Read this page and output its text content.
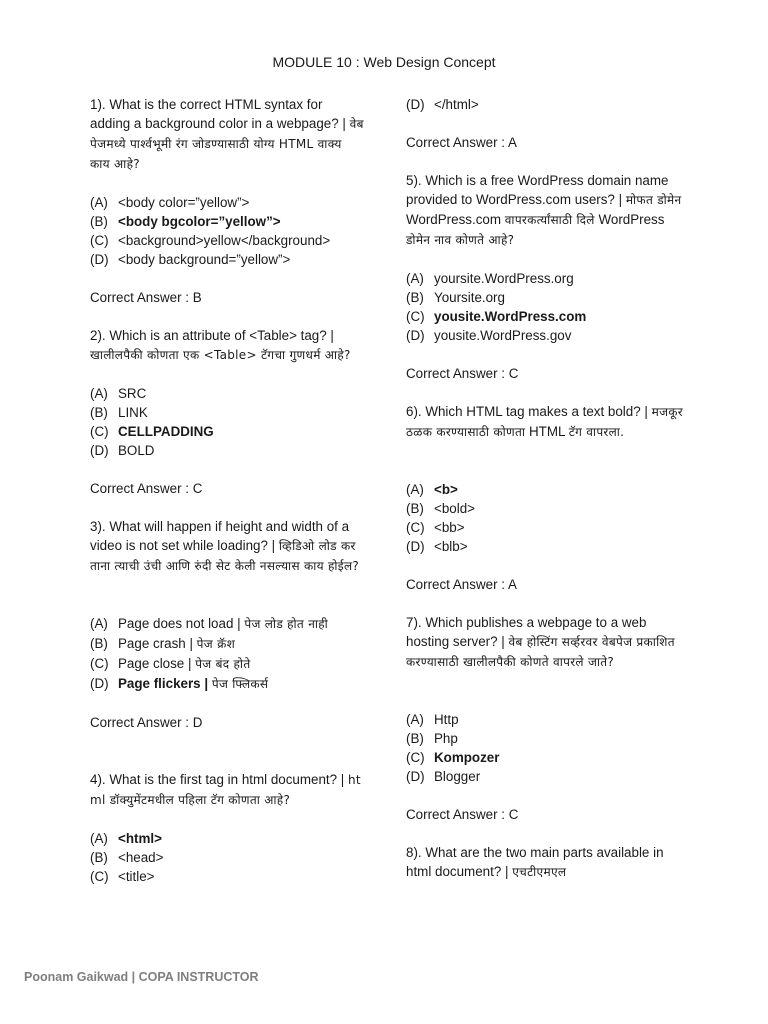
MODULE 10 : Web Design Concept

1). What is the correct HTML syntax for adding a background color in a webpage? | वेबपेजमध्ये पार्श्वभूमी रंग जोडण्यासाठी योग्य HTML वाक्य काय आहे?

(A) <body color=”yellow”>
(B) <body bgcolor=”yellow”>
(C) <background>yellow</background>
(D) <body background=”yellow”>

Correct Answer : B

2). Which is an attribute of <Table> tag? | खालीलपैकी कोणता एक <Table> टॅगचा गुणधर्म आहे?

(A) SRC
(B) LINK
(C) CELLPADDING
(D) BOLD

Correct Answer : C

3). What will happen if height and width of a video is not set while loading? | व्हिडिओ लोड करताना त्याची उंची आणि रुंदी सेट केली नसल्यास काय होईल?

(A) Page does not load |
पेज लोड होत नाही
(B) Page crash |
पेज क्रॅश
(C) Page close |
पेज बंद होते
(D) Page flickers |
पेज फ्लिकर्स

Correct Answer : D

4). What is the first tag in html document? | html डॉक्युमेंटमधील पहिला टॅग कोणता आहे?

(A) <html>
(B) <head>
(C) <title>
(D) </html>

Correct Answer : A

5). Which is a free WordPress domain name provided to WordPress.com users? | मोफत डोमेन WordPress.com वापरकर्त्यांसाठी दिले WordPress डोमेन नाव कोणते आहे?

(A) yoursite.WordPress.org
(B) Yoursite.org
(C) yousite.WordPress.com
(D) yousite.WordPress.gov

Correct Answer : C

6). Which HTML tag makes a text bold? | मजकूर ठळक करण्यासाठी कोणता HTML टॅग वापरला.

(A) <b>
(B) <bold>
(C) <bb>
(D) <blb>

Correct Answer : A

7). Which publishes a webpage to a web hosting server? | वेब होस्टिंग सर्व्हरवर वेबपेज प्रकाशित करण्यासाठी खालीलपैकी कोणते वापरले जाते?

(A) Http
(B) Php
(C) Kompozer
(D) Blogger

Correct Answer : C

8). What are the two main parts available in html document? | एचटीएमएल

Poonam Gaikwad | COPA INSTRUCTOR
